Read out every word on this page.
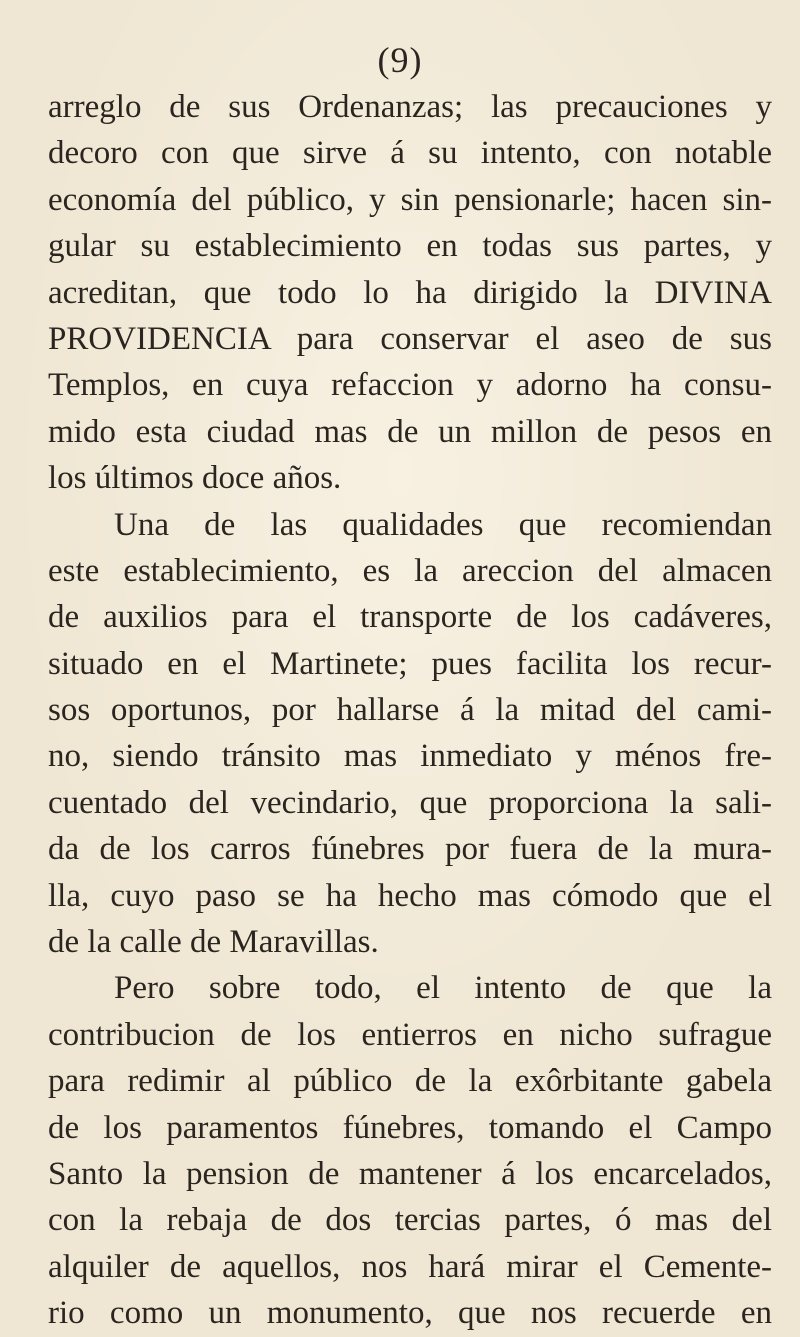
(9)
arreglo de sus Ordenanzas; las precauciones y
decoro con que sirve á su intento, con notable
economía del público, y sin pensionarle; hacen sin-
gular su establecimiento en todas sus partes, y
acreditan, que todo lo ha dirigido la DIVINA
PROVIDENCIA para conservar el aseo de sus
Templos, en cuya refaccion y adorno ha consu-
mido esta ciudad mas de un millon de pesos en
los últimos doce años.
Una de las qualidades que recomiendan
este establecimiento, es la areccion del almacen
de auxilios para el transporte de los cadáveres,
situado en el Martinete; pues facilita los recur-
sos oportunos, por hallarse á la mitad del cami-
no, siendo tránsito mas inmediato y ménos fre-
cuentado del vecindario, que proporciona la sali-
da de los carros fúnebres por fuera de la mura-
lla, cuyo paso se ha hecho mas cómodo que el
de la calle de Maravillas.
Pero sobre todo, el intento de que la
contribucion de los entierros en nicho sufrague
para redimir al público de la exôrbitante gabela
de los paramentos fúnebres, tomando el Campo
Santo la pension de mantener á los encarcelados,
con la rebaja de dos tercias partes, ó mas del
alquiler de aquellos, nos hará mirar el Cemente-
rio como un monumento, que nos recuerde en
